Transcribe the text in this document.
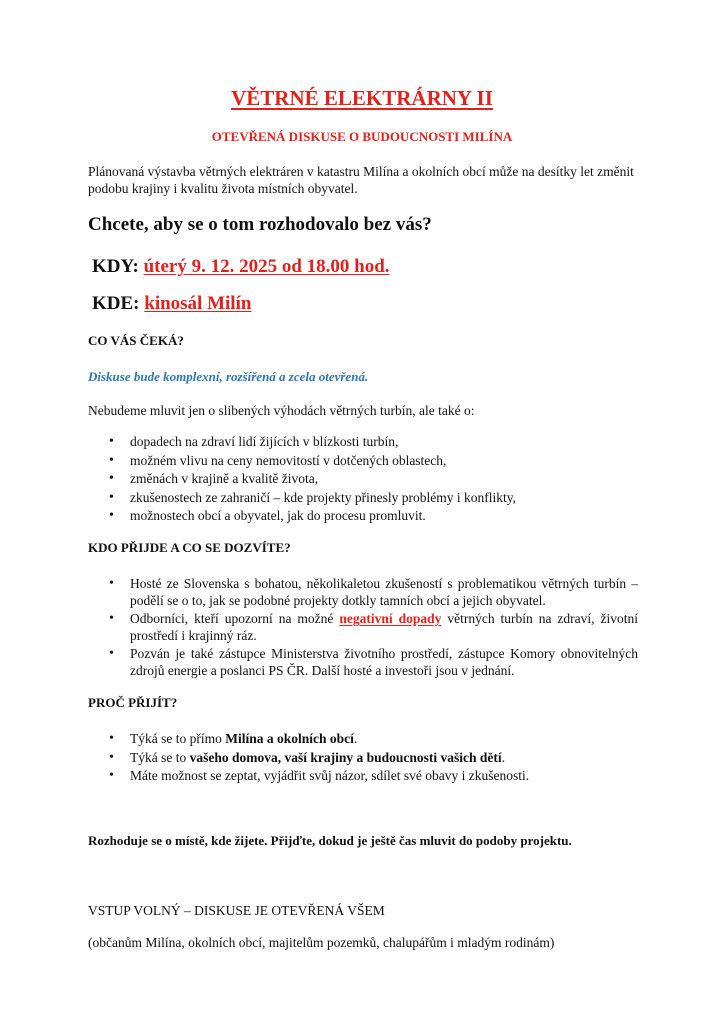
VĚTRNÉ ELEKTRÁRNY II
OTEVŘENÁ DISKUSE O BUDOUCNOSTI MILÍNA
Plánovaná výstavba větrných elektráren v katastru Milína a okolních obcí může na desítky let změnit podobu krajiny i kvalitu života místních obyvatel.
Chcete, aby se o tom rozhodovalo bez vás?
KDY: úterý 9. 12. 2025 od 18.00 hod.
KDE: kinosál Milín
CO VÁS ČEKÁ?
Diskuse bude komplexní, rozšířená a zcela otevřená.
Nebudeme mluvit jen o slibených výhodách větrných turbín, ale také o:
• dopadech na zdraví lidí žijících v blízkosti turbín,
• možném vlivu na ceny nemovitostí v dotčených oblastech,
• změnách v krajině a kvalitě života,
• zkušenostech ze zahraničí – kde projekty přinesly problémy i konflikty,
• možnostech obcí a obyvatel, jak do procesu promluvit.
KDO PŘIJDE A CO SE DOZVÍTE?
• Hosté ze Slovenska s bohatou, několikaletou zkušeností s problematikou větrných turbín – podělí se o to, jak se podobné projekty dotkly tamních obcí a jejich obyvatel.
• Odborníci, kteří upozorní na možné negativní dopady větrných turbín na zdraví, životní prostředí i krajinný ráz.
• Pozván je také zástupce Ministerstva životního prostředí, zástupce Komory obnovitelných zdrojů energie a poslanci PS ČR. Další hosté a investoři jsou v jednání.
PROČ PŘIJÍT?
• Týká se to přímo Milína a okolních obcí.
• Týká se to vašeho domova, vaší krajiny a budoucnosti vašich dětí.
• Máte možnost se zeptat, vyjádřit svůj názor, sdílet své obavy i zkušenosti.
Rozhoduje se o místě, kde žijete. Přijďte, dokud je ještě čas mluvit do podoby projektu.
VSTUP VOLNÝ – DISKUSE JE OTEVŘENÁ VŠEM
(občanům Milína, okolních obcí, majitelům pozemků, chalupářům i mladým rodinám)
